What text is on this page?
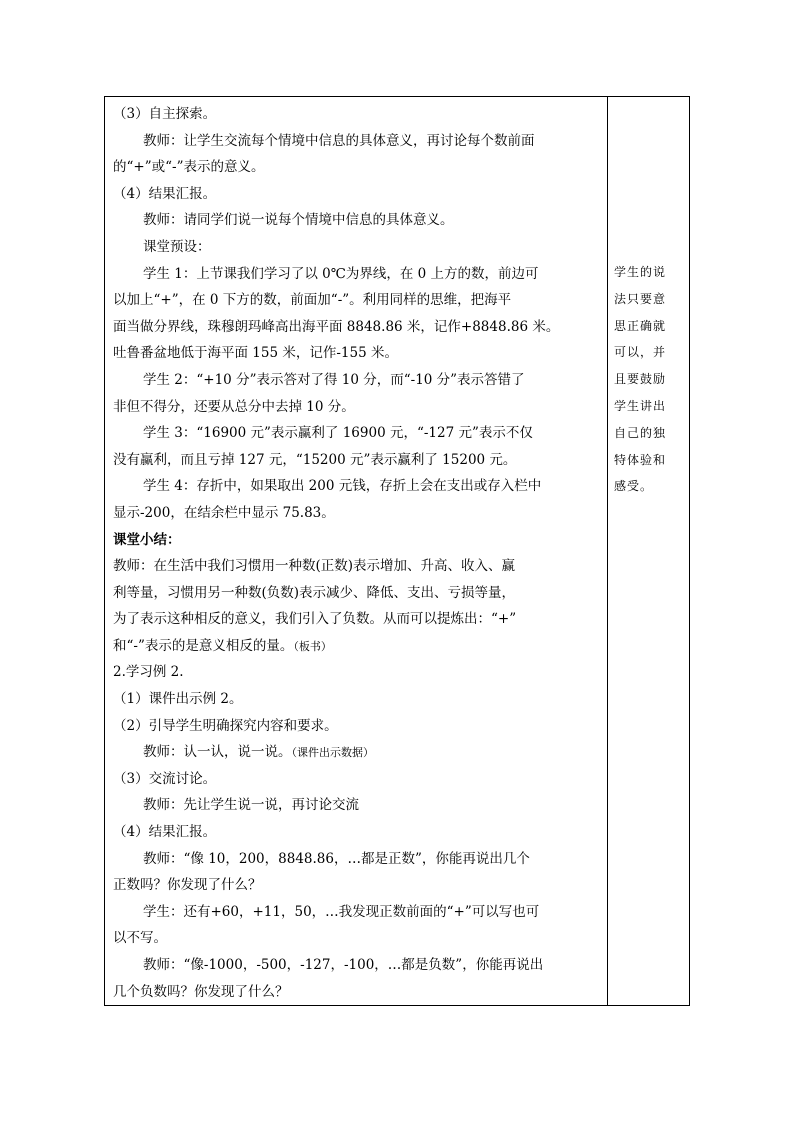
（3）自主探索。
教师：让学生交流每个情境中信息的具体意义，再讨论每个数前面
的“+”或“-”表示的意义。
（4）结果汇报。
教师：请同学们说一说每个情境中信息的具体意义。
课堂预设：
学生 1：上节课我们学习了以 0℃为界线，在 0 上方的数，前边可
以加上“+”，在 0 下方的数，前面加“-”。利用同样的思维，把海平
面当做分界线，珠穆朗玛峰高出海平面 8848.86 米，记作+8848.86 米。
吐鲁番盆地低于海平面 155 米，记作-155 米。
学生 2：“+10 分”表示答对了得 10 分，而“-10 分”表示答错了
非但不得分，还要从总分中去掉 10 分。
学生 3：“16900 元”表示赢利了 16900 元，“-127 元”表示不仅
没有赢利，而且亏掉 127 元，“15200 元”表示赢利了 15200 元。
学生 4：存折中，如果取出 200 元钱，存折上会在支出或存入栏中
显示-200，在结余栏中显示 75.83。
课堂小结：
教师：在生活中我们习惯用一种数(正数)表示增加、升高、收入、赢
利等量，习惯用另一种数(负数)表示减少、降低、支出、亏损等量，
为了表示这种相反的意义，我们引入了负数。从而可以提炼出：“+”
和“-”表示的是意义相反的量。（板书）
2.学习例 2.
（1）课件出示例 2。
（2）引导学生明确探究内容和要求。
教师：认一认，说一说。（课件出示数据）
（3）交流讨论。
教师：先让学生说一说，再讨论交流
（4）结果汇报。
教师：“像 10，200，8848.86，…都是正数”，你能再说出几个
正数吗？你发现了什么？
学生：还有+60，+11，50，…我发现正数前面的“+”可以写也可
以不写。
教师：“像-1000，-500，-127，-100，…都是负数”，你能再说出
几个负数吗？你发现了什么？
学生的说
法只要意
思正确就
可以，并
且要鼓励
学生讲出
自己的独
特体验和
感受。
